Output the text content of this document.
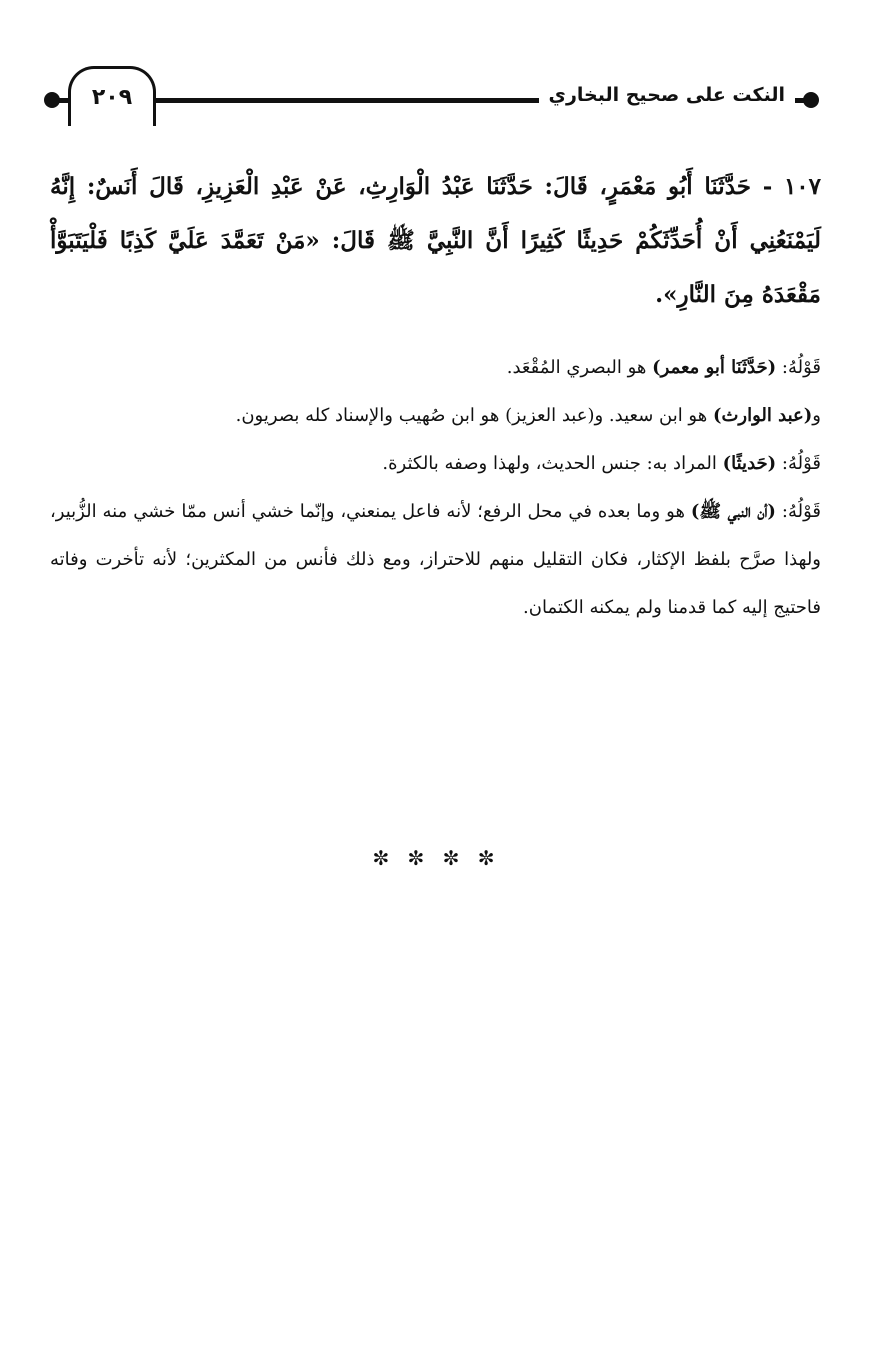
٢٠٩	النكت على صحيح البخاري

١٠٧ - حَدَّثَنَا أَبُو مَعْمَرٍ، قَالَ: حَدَّثَنَا عَبْدُ الْوَارِثِ، عَنْ عَبْدِ الْعَزِيزِ، قَالَ أَنَسٌ: إِنَّهُ لَيَمْنَعُنِي أَنْ أُحَدِّثَكُمْ حَدِيثًا كَثِيرًا أَنَّ النَّبِيَّ ﷺ قَالَ: «مَنْ تَعَمَّدَ عَلَيَّ كَذِبًا فَلْيَتَبَوَّأْ مَقْعَدَهُ مِنَ النَّارِ».

قَوْلُهُ: (حَدَّثَنَا أبو معمر) هو البصري المُقْعَد.

و(عبد الوارث) هو ابن سعيد. و(عبد العزيز) هو ابن صُهيب والإسناد كله بصريون.

قَوْلُهُ: (حَديثًا) المراد به: جنس الحديث، ولهذا وصفه بالكثرة.

قَوْلُهُ: (أن النبي ﷺ) هو وما بعده في محل الرفع؛ لأنه فاعل يمنعني، وإنّما خشي أنس ممّا خشي منه الزُّبير، ولهذا صرَّح بلفظ الإكثار، فكان التقليل منهم للاحتراز، ومع ذلك فأنس من المكثرين؛ لأنه تأخرت وفاته فاحتيج إليه كما قدمنا ولم يمكنه الكتمان.

✼ ✼ ✼ ✼
